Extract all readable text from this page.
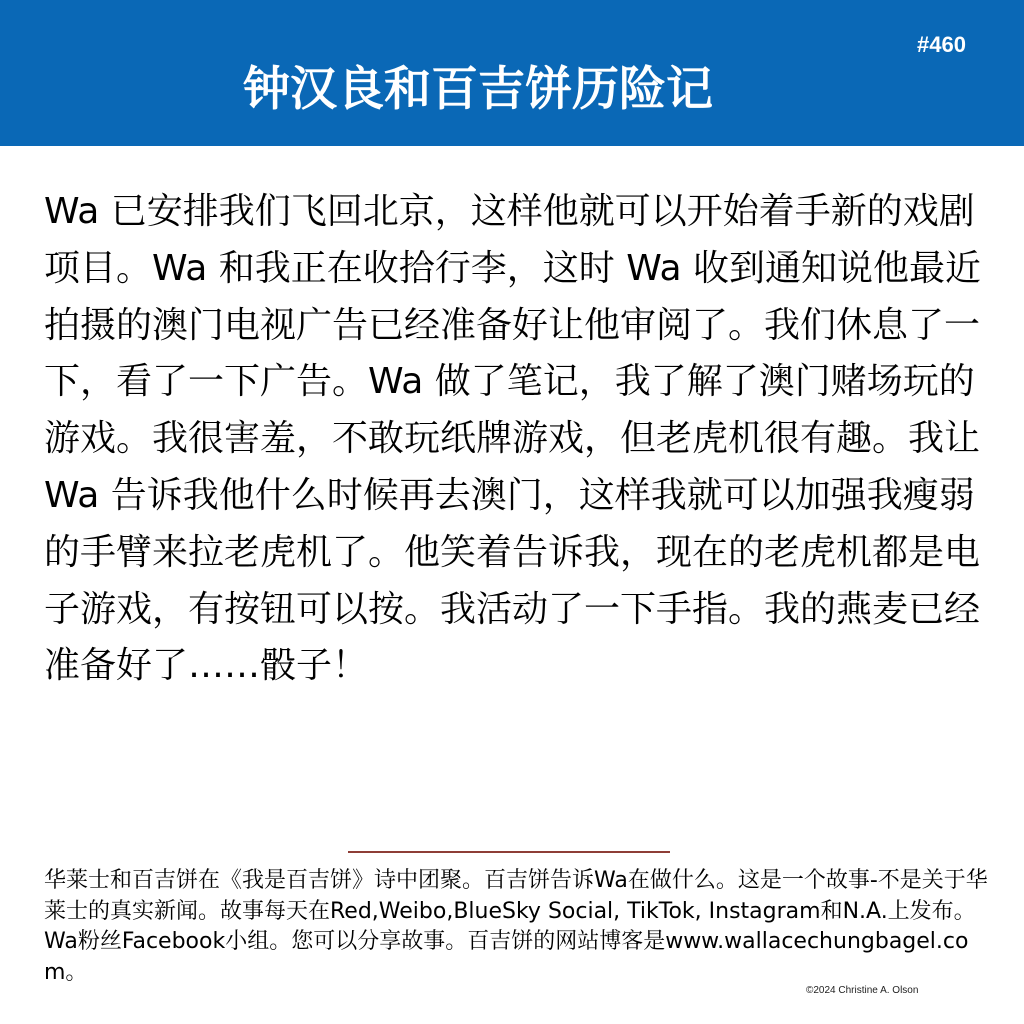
#460
钟汉良和百吉饼历险记

Wa 已安排我们飞回北京，这样他就可以开始着手新的戏剧项目。Wa 和我正在收拾行李，这时 Wa 收到通知说他最近拍摄的澳门电视广告已经准备好让他审阅了。我们休息了一下，看了一下广告。Wa 做了笔记，我了解了澳门赌场玩的游戏。我很害羞，不敢玩纸牌游戏，但老虎机很有趣。我让 Wa 告诉我他什么时候再去澳门，这样我就可以加强我瘦弱的手臂来拉老虎机了。他笑着告诉我，现在的老虎机都是电子游戏，有按钮可以按。我活动了一下手指。我的燕麦已经准备好了……骰子！

华莱士和百吉饼在《我是百吉饼》诗中团聚。百吉饼告诉Wa在做什么。这是一个故事-不是关于华莱士的真实新闻。故事每天在Red,Weibo,BlueSky Social, TikTok, Instagram和N.A.上发布。Wa粉丝Facebook小组。您可以分享故事。百吉饼的网站博客是www.wallacechungbagel.com。

©2024 Christine A. Olson
